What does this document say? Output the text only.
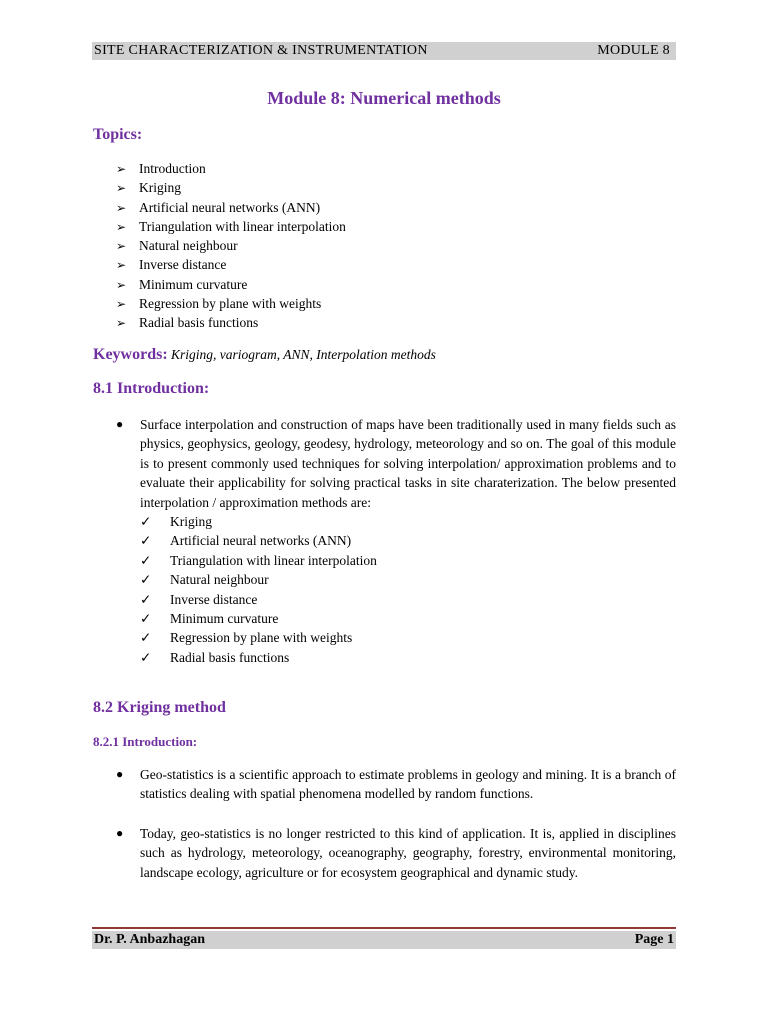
SITE CHARACTERIZATION & INSTRUMENTATION	MODULE 8
Module 8: Numerical methods
Topics:
➢ Introduction
➢ Kriging
➢ Artificial neural networks (ANN)
➢ Triangulation with linear interpolation
➢ Natural neighbour
➢ Inverse distance
➢ Minimum curvature
➢ Regression by plane with weights
➢ Radial basis functions
Keywords: Kriging, variogram, ANN, Interpolation methods
8.1 Introduction:
● Surface interpolation and construction of maps have been traditionally used in many fields such as physics, geophysics, geology, geodesy, hydrology, meteorology and so on. The goal of this module is to present commonly used techniques for solving interpolation/ approximation problems and to evaluate their applicability for solving practical tasks in site charaterization. The below presented interpolation / approximation methods are:

✓ Kriging
✓ Artificial neural networks (ANN)
✓ Triangulation with linear interpolation
✓ Natural neighbour
✓ Inverse distance
✓ Minimum curvature
✓ Regression by plane with weights
✓ Radial basis functions
8.2 Kriging method
8.2.1 Introduction:
● Geo-statistics is a scientific approach to estimate problems in geology and mining. It is a branch of statistics dealing with spatial phenomena modelled by random functions.

● Today, geo-statistics is no longer restricted to this kind of application. It is, applied in disciplines such as hydrology, meteorology, oceanography, geography, forestry, environmental monitoring, landscape ecology, agriculture or for ecosystem geographical and dynamic study.

Dr. P. Anbazhagan	Page 1
